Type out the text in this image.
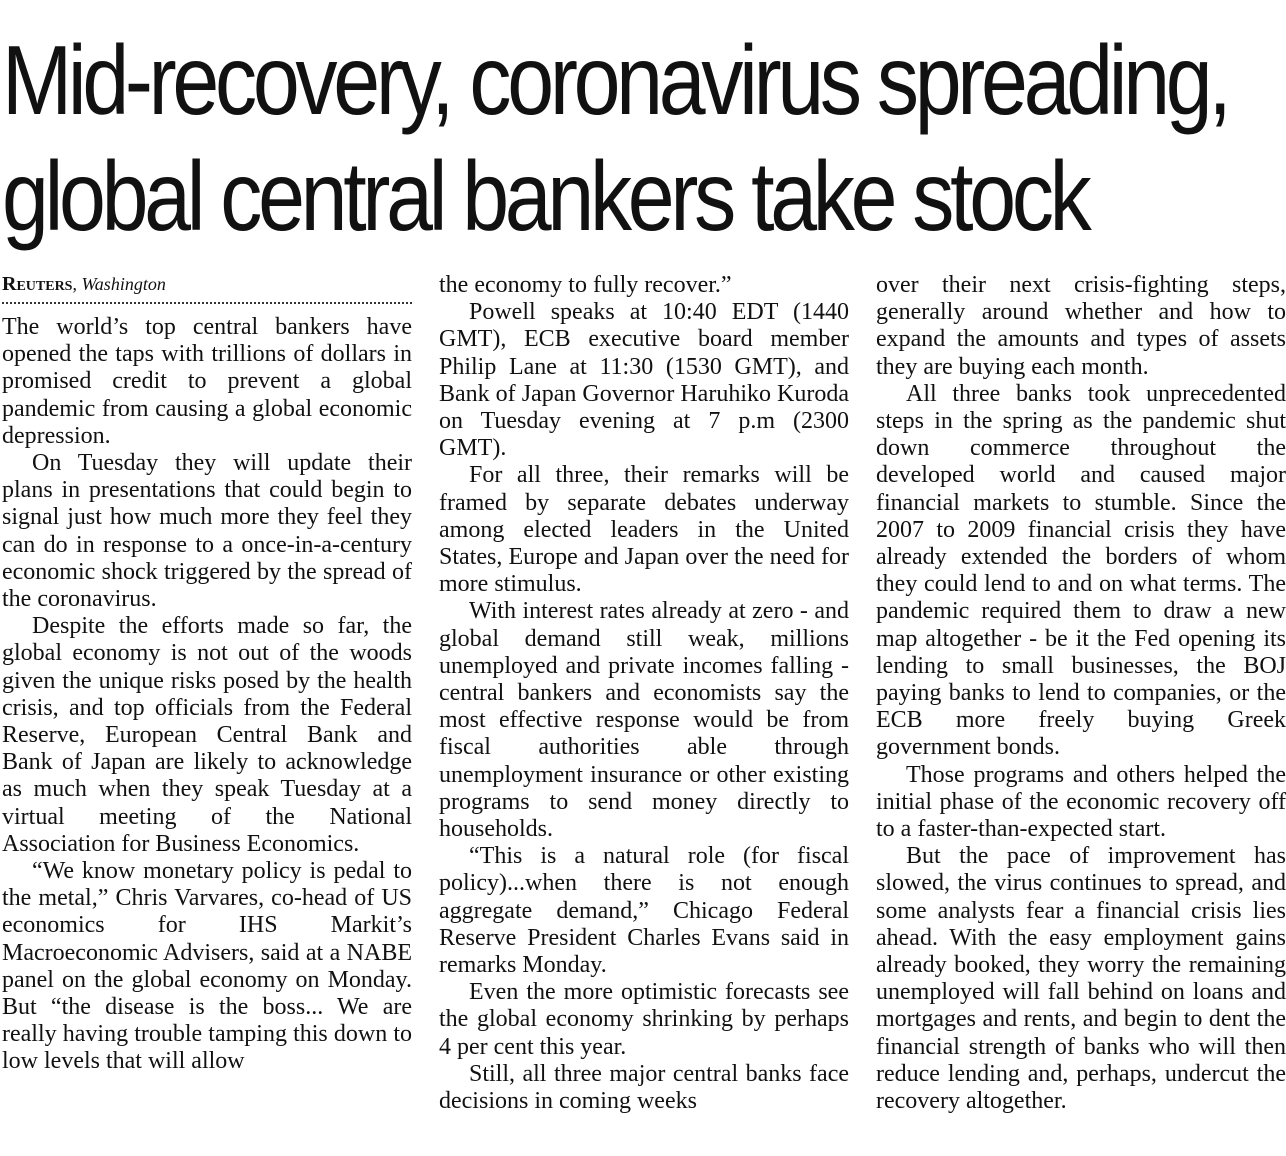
Mid-recovery, coronavirus spreading,
global central bankers take stock
Reuters, Washington

The world’s top central bankers have opened the taps with trillions of dollars in promised credit to prevent a global pandemic from causing a global economic depression.

On Tuesday they will update their plans in presentations that could begin to signal just how much more they feel they can do in response to a once-in-a-century economic shock triggered by the spread of the coronavirus.

Despite the efforts made so far, the global economy is not out of the woods given the unique risks posed by the health crisis, and top officials from the Federal Reserve, European Central Bank and Bank of Japan are likely to acknowledge as much when they speak Tuesday at a virtual meeting of the National Association for Business Economics.

“We know monetary policy is pedal to the metal,” Chris Varvares, co-head of US economics for IHS Markit’s Macroeconomic Advisers, said at a NABE panel on the global economy on Monday. But “the disease is the boss... We are really having trouble tamping this down to low levels that will allow

the economy to fully recover.”

Powell speaks at 10:40 EDT (1440 GMT), ECB executive board member Philip Lane at 11:30 (1530 GMT), and Bank of Japan Governor Haruhiko Kuroda on Tuesday evening at 7 p.m (2300 GMT).

For all three, their remarks will be framed by separate debates underway among elected leaders in the United States, Europe and Japan over the need for more stimulus.

With interest rates already at zero - and global demand still weak, millions unemployed and private incomes falling - central bankers and economists say the most effective response would be from fiscal authorities able through unemployment insurance or other existing programs to send money directly to households.

“This is a natural role (for fiscal policy)...when there is not enough aggregate demand,” Chicago Federal Reserve President Charles Evans said in remarks Monday.

Even the more optimistic forecasts see the global economy shrinking by perhaps 4 per cent this year.

Still, all three major central banks face decisions in coming weeks

over their next crisis-fighting steps, generally around whether and how to expand the amounts and types of assets they are buying each month.

All three banks took unprecedented steps in the spring as the pandemic shut down commerce throughout the developed world and caused major financial markets to stumble. Since the 2007 to 2009 financial crisis they have already extended the borders of whom they could lend to and on what terms. The pandemic required them to draw a new map altogether - be it the Fed opening its lending to small businesses, the BOJ paying banks to lend to companies, or the ECB more freely buying Greek government bonds.

Those programs and others helped the initial phase of the economic recovery off to a faster-than-expected start.

But the pace of improvement has slowed, the virus continues to spread, and some analysts fear a financial crisis lies ahead. With the easy employment gains already booked, they worry the remaining unemployed will fall behind on loans and mortgages and rents, and begin to dent the financial strength of banks who will then reduce lending and, perhaps, undercut the recovery altogether.
